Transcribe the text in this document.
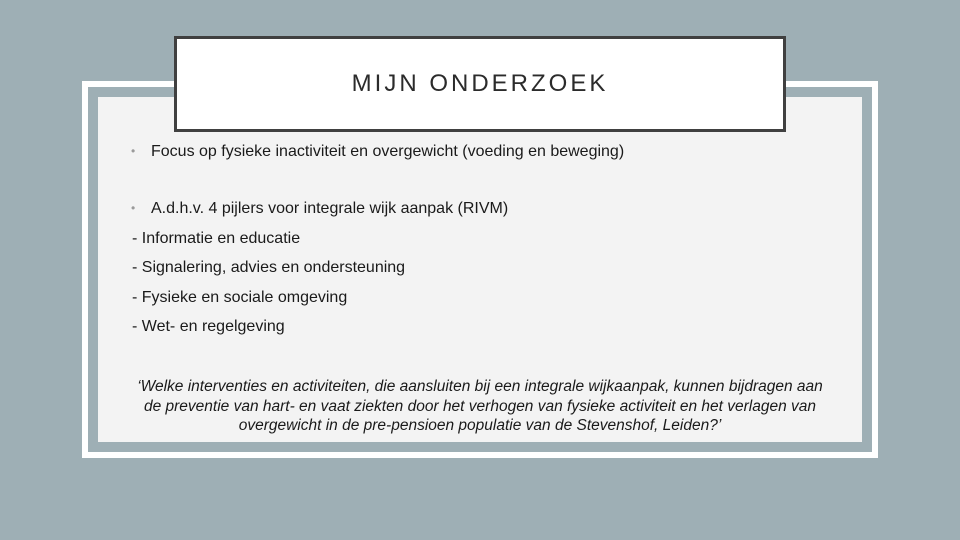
MIJN ONDERZOEK
• Focus op fysieke inactiviteit en overgewicht (voeding en beweging)
• A.d.h.v. 4 pijlers voor integrale wijk aanpak (RIVM)
- Informatie en educatie
- Signalering, advies en ondersteuning
- Fysieke en sociale omgeving
- Wet- en regelgeving
‘Welke interventies en activiteiten, die aansluiten bij een integrale wijkaanpak, kunnen bijdragen aan de preventie van hart- en vaat ziekten door het verhogen van fysieke activiteit en het verlagen van overgewicht in de pre-pensioen populatie van de Stevenshof, Leiden?’
